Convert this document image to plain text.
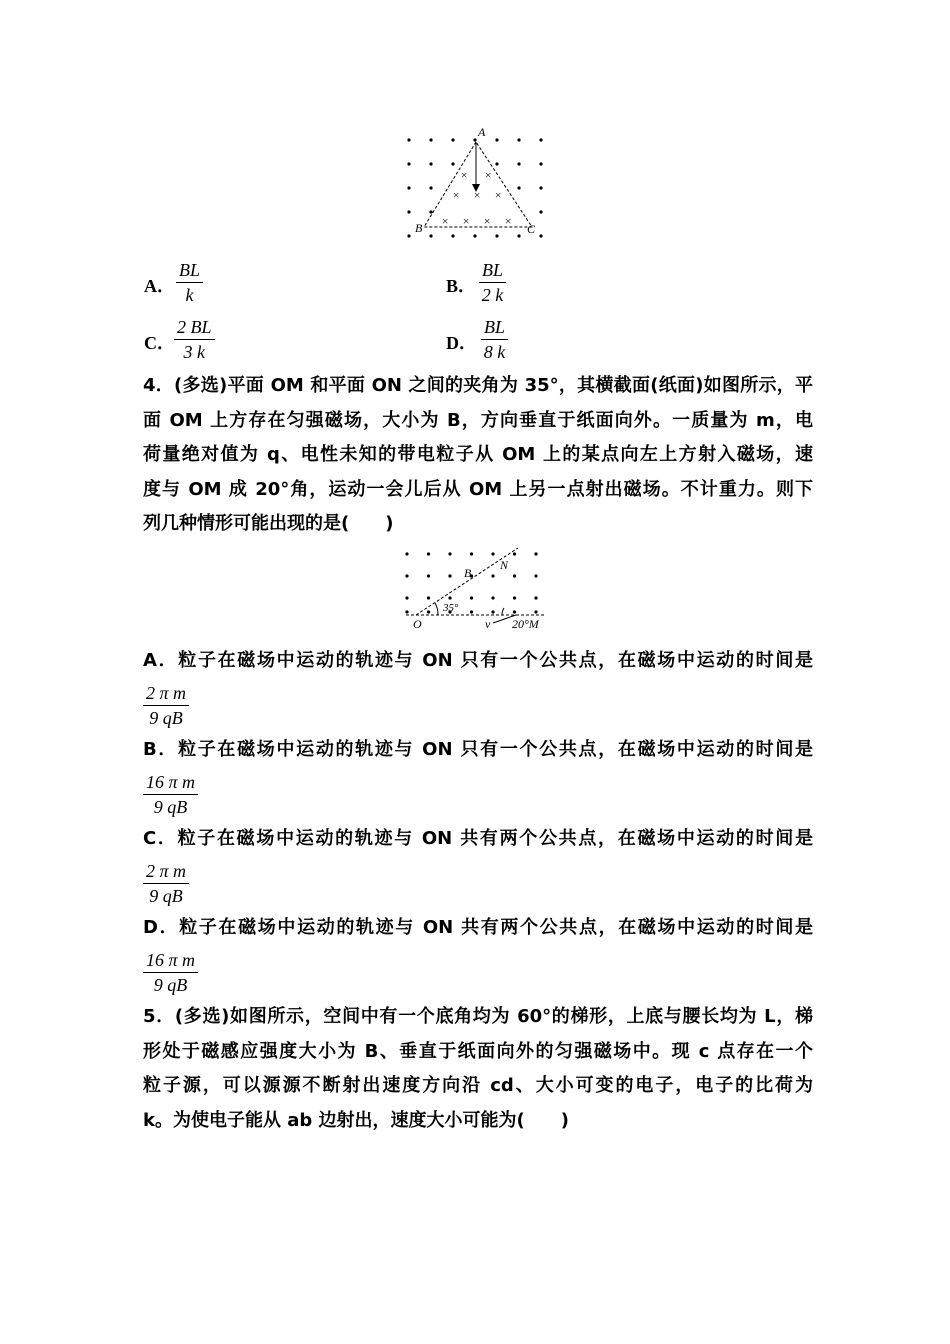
× ×
× × ×
× × × ×
A
B	C
A． $\frac{BL}{k}$	B． $\frac{BL}{2 k}$
C． $\frac{2 BL}{3 k}$	D． $\frac{BL}{8 k}$
4．(多选)平面 OM 和平面 ON 之间的夹角为 35°，其横截面(纸面)如图所示，平
面 OM 上方存在匀强磁场，大小为 B，方向垂直于纸面向外。一质量为 m，电
荷量绝对值为 q、电性未知的带电粒子从 OM 上的某点向左上方射入磁场，速
度与 OM 成 20°角，运动一会儿后从 OM 上另一点射出磁场。不计重力。则下
列几种情形可能出现的是(　　)
35°
B
N
O	v 20°M
A．粒子在磁场中运动的轨迹与 ON 只有一个公共点，在磁场中运动的时间是
$\frac{\text{2 π m}}{9 qB}$
B．粒子在磁场中运动的轨迹与 ON 只有一个公共点，在磁场中运动的时间是
$\frac{\text{16 π m}}{9 qB}$
C．粒子在磁场中运动的轨迹与 ON 共有两个公共点，在磁场中运动的时间是
$\frac{\text{2 π m}}{9 qB}$
D．粒子在磁场中运动的轨迹与 ON 共有两个公共点，在磁场中运动的时间是
$\frac{\text{16 π m}}{9 qB}$
5．(多选)如图所示，空间中有一个底角均为 60°的梯形，上底与腰长均为 L，梯
形处于磁感应强度大小为 B、垂直于纸面向外的匀强磁场中。现 c 点存在一个
粒子源，可以源源不断射出速度方向沿 cd、大小可变的电子，电子的比荷为
k。为使电子能从 ab 边射出，速度大小可能为(　　)
